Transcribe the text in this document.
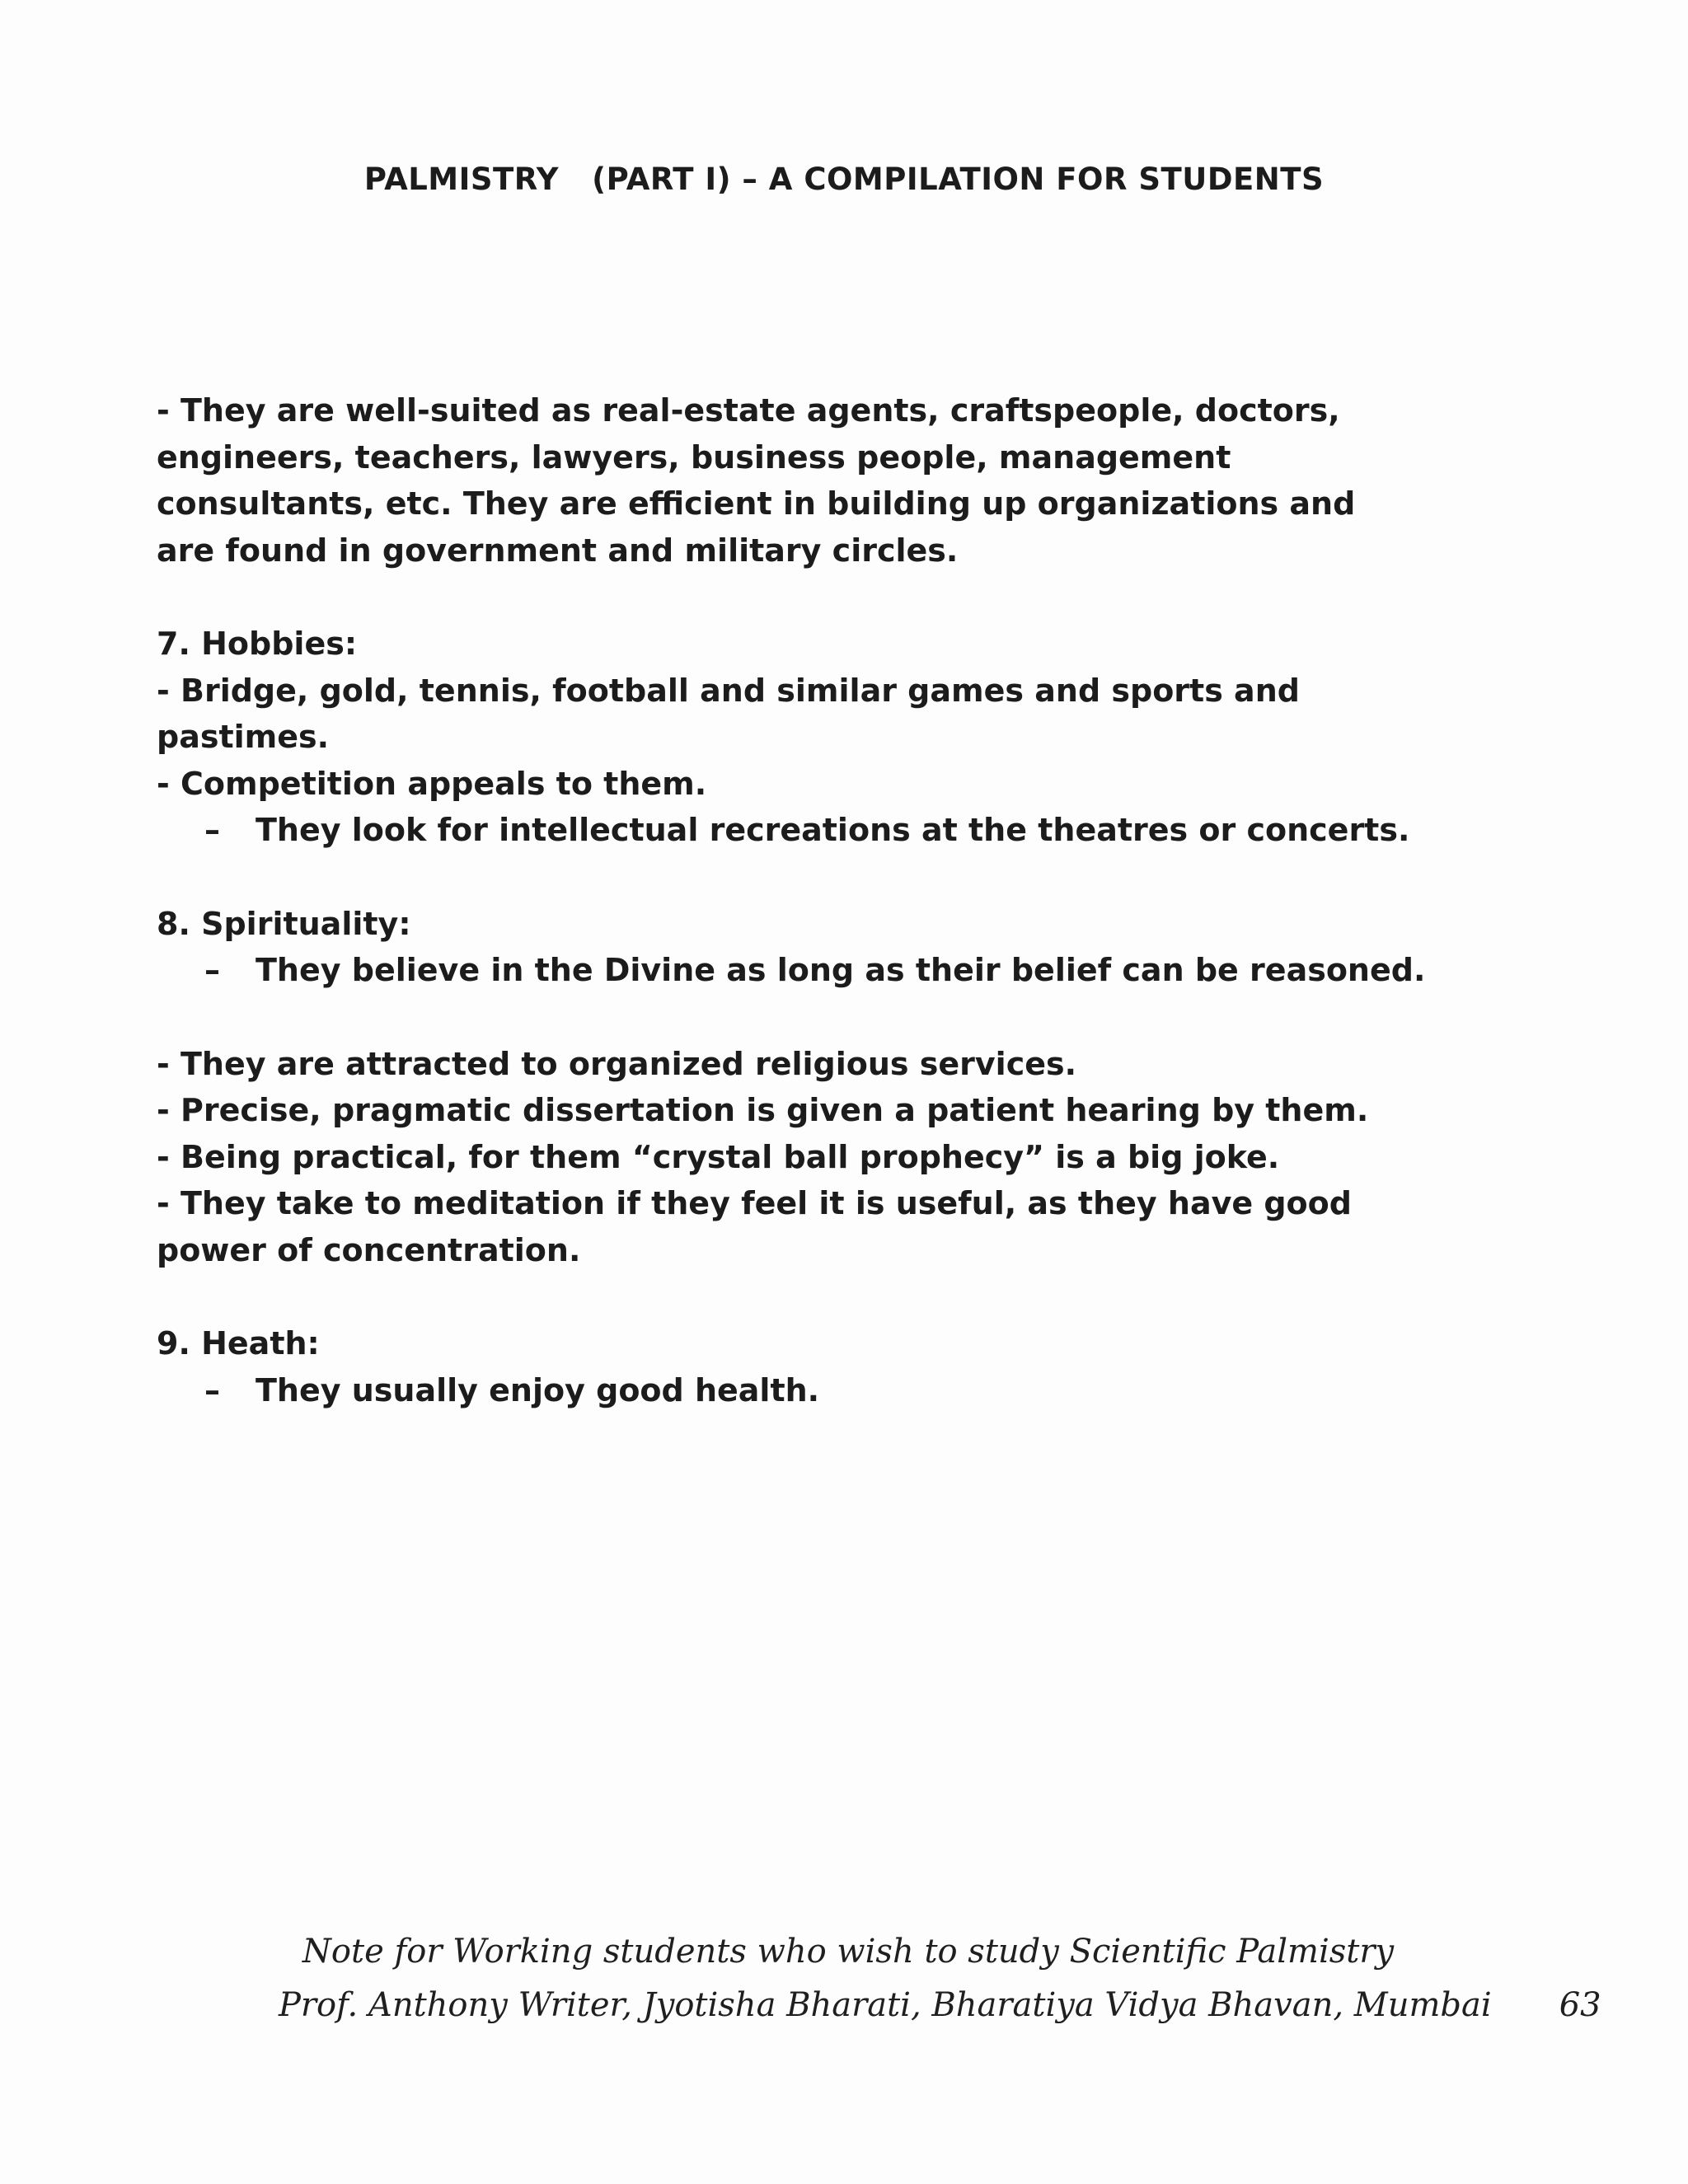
PALMISTRY   (PART I) – A COMPILATION FOR STUDENTS
- They are well-suited as real-estate agents, craftspeople, doctors,
engineers, teachers, lawyers, business people, management
consultants, etc. They are efficient in building up organizations and
are found in government and military circles.
7. Hobbies:
- Bridge, gold, tennis, football and similar games and sports and
pastimes.
- Competition appeals to them.
–	They look for intellectual recreations at the theatres or concerts.
8. Spirituality:
–	They believe in the Divine as long as their belief can be reasoned.
- They are attracted to organized religious services.
- Precise, pragmatic dissertation is given a patient hearing by them.
- Being practical, for them “crystal ball prophecy” is a big joke.
- They take to meditation if they feel it is useful, as they have good
power of concentration.
9. Heath:
–	They usually enjoy good health.
Note for Working students who wish to study Scientific Palmistry
Prof. Anthony Writer, Jyotisha Bharati, Bharatiya Vidya Bhavan, Mumbai 63
